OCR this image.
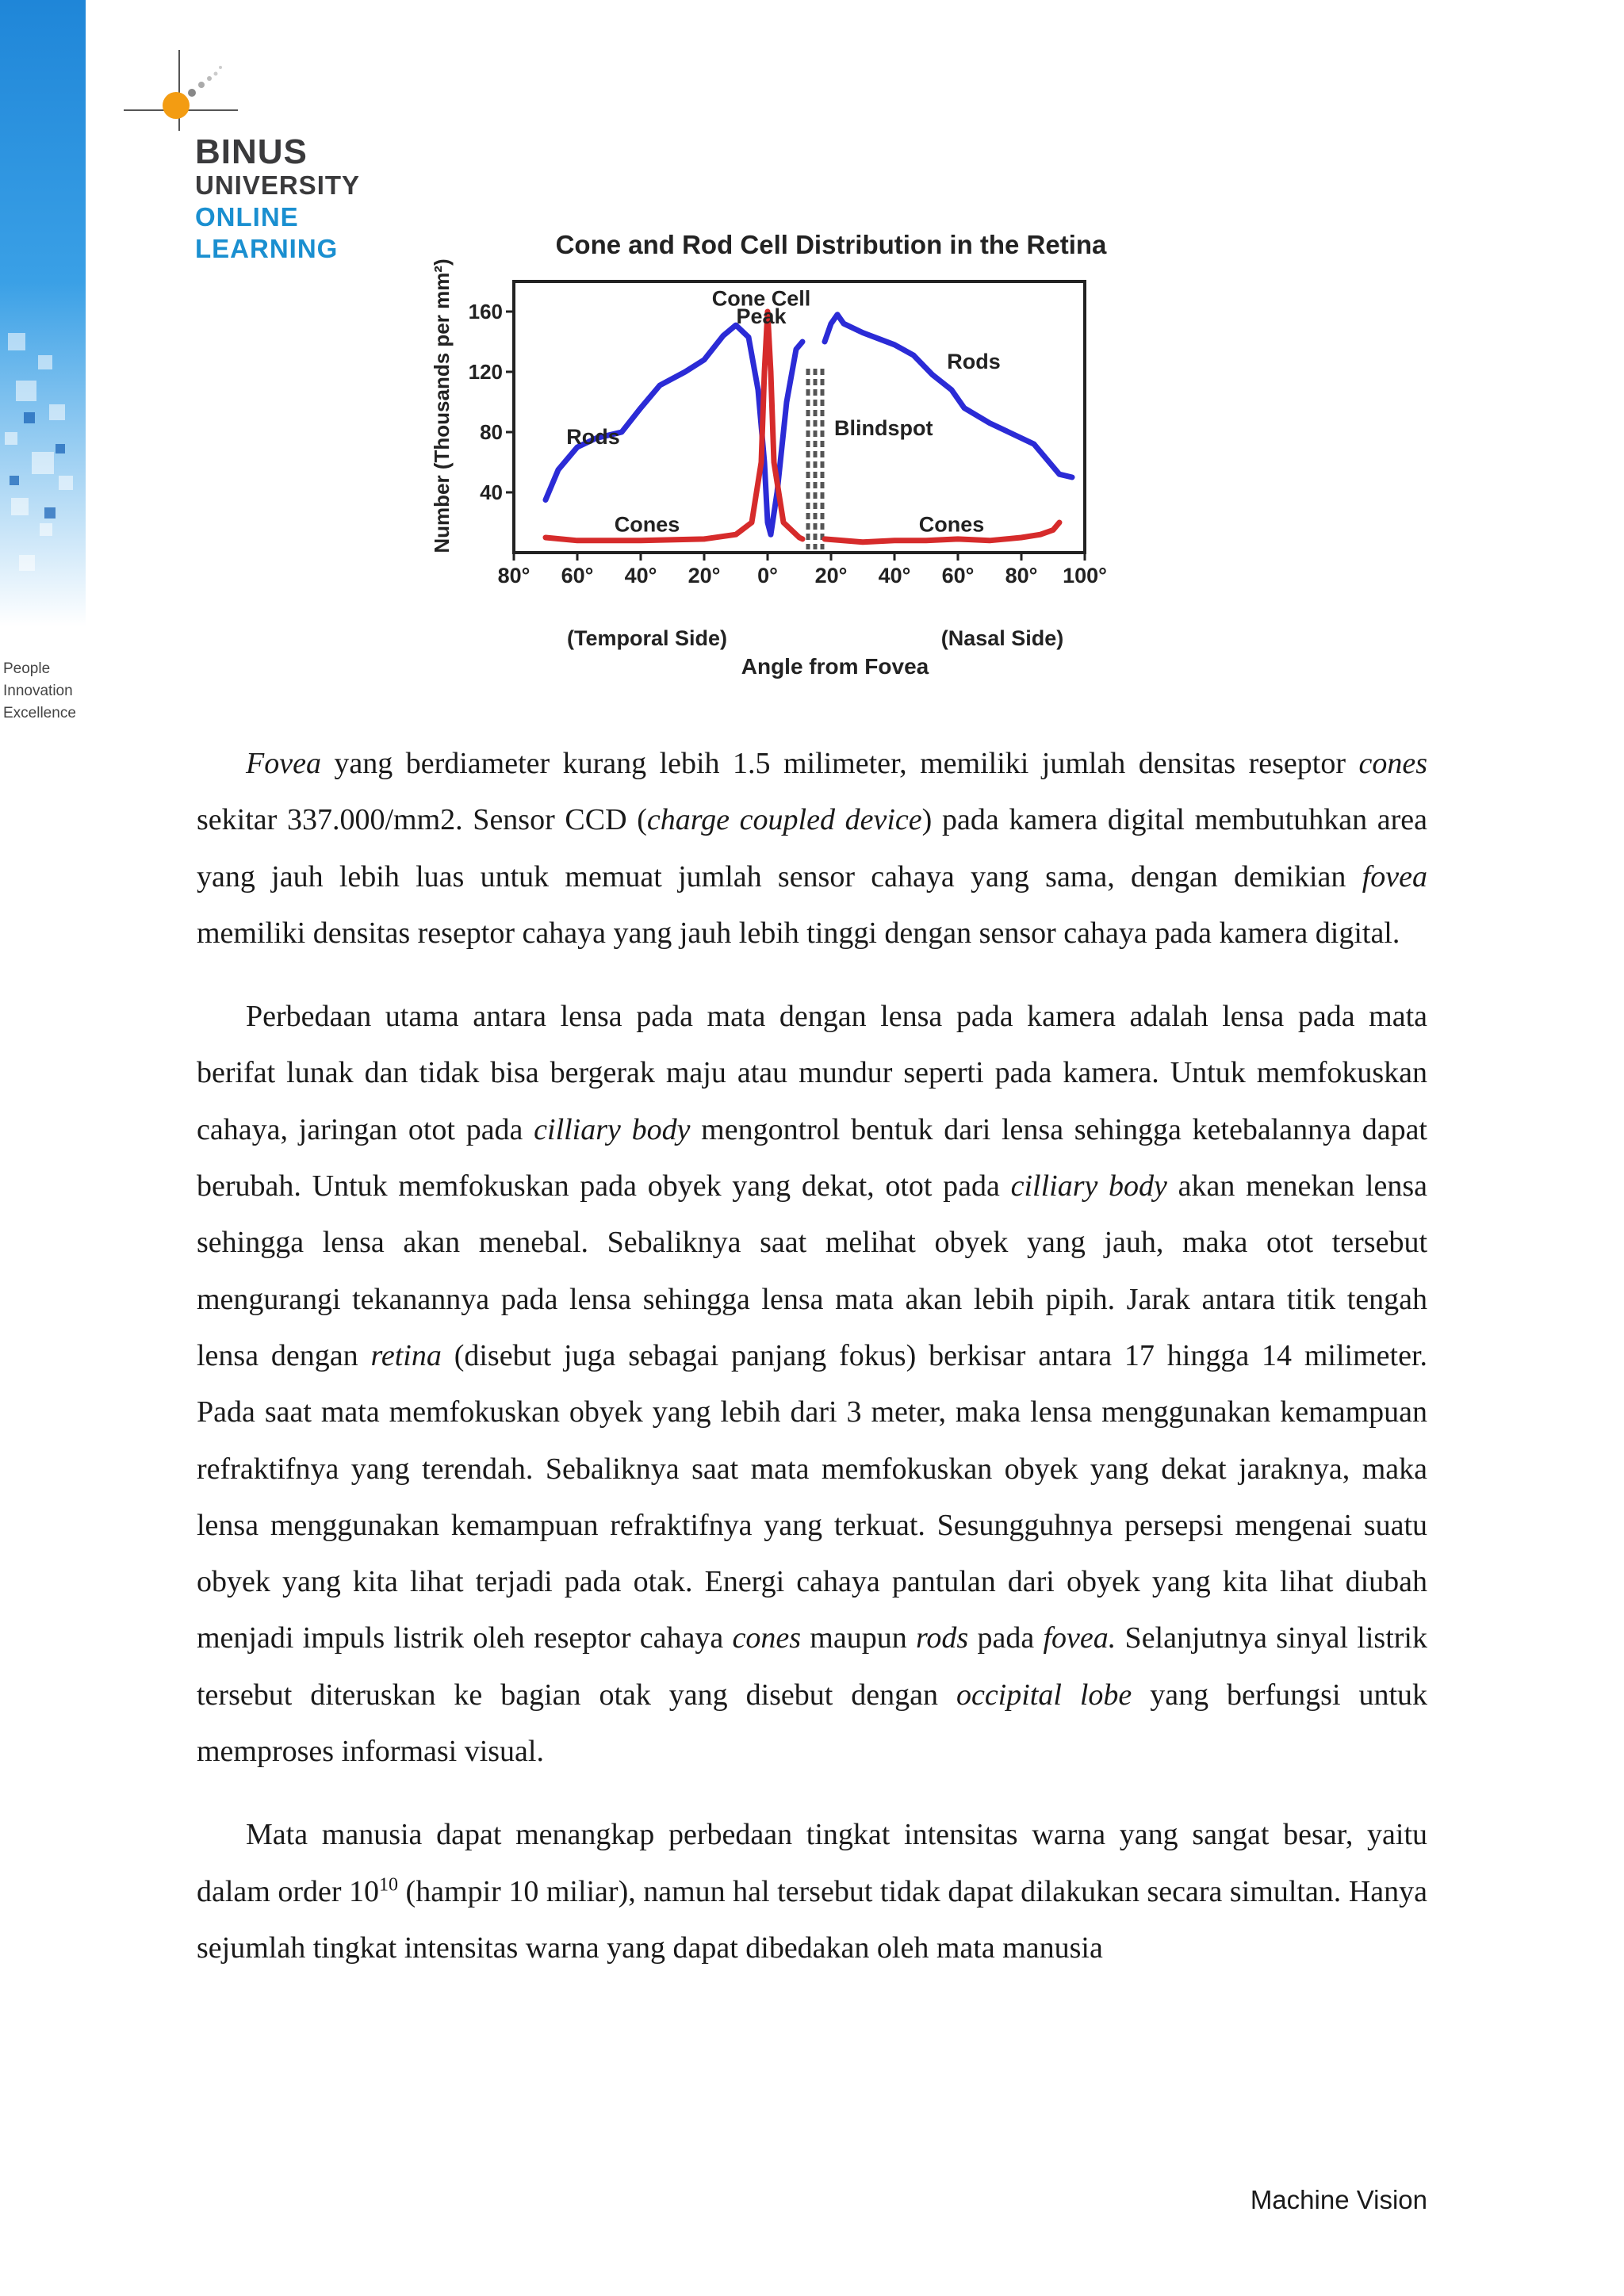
BINUS
UNIVERSITY
ONLINE
LEARNING
People
Innovation
Excellence
Cone and Rod Cell Distribution in the Retina
Number (Thousands per mm²) 40
80
120
160
80° 60° 40° 20° 0° 20° 40° 60° 80° 100°
Rods
Rods
Cones	Cones
Cone Cell
Peak
Blindspot
(Temporal Side)	(Nasal Side)
Angle from Fovea

Fovea yang berdiameter kurang lebih 1.5 milimeter, memiliki jumlah densitas reseptor cones sekitar 337.000/mm2. Sensor CCD (charge coupled device) pada kamera digital membutuhkan area yang jauh lebih luas untuk memuat jumlah sensor cahaya yang sama, dengan demikian fovea memiliki densitas reseptor cahaya yang jauh lebih tinggi dengan sensor cahaya pada kamera digital.

Perbedaan utama antara lensa pada mata dengan lensa pada kamera adalah lensa pada mata berifat lunak dan tidak bisa bergerak maju atau mundur seperti pada kamera. Untuk memfokuskan cahaya, jaringan otot pada cilliary body mengontrol bentuk dari lensa sehingga ketebalannya dapat berubah. Untuk memfokuskan pada obyek yang dekat, otot pada cilliary body akan menekan lensa sehingga lensa akan menebal. Sebaliknya saat melihat obyek yang jauh, maka otot tersebut mengurangi tekanannya pada lensa sehingga lensa mata akan lebih pipih. Jarak antara titik tengah lensa dengan retina (disebut juga sebagai panjang fokus) berkisar antara 17 hingga 14 milimeter. Pada saat mata memfokuskan obyek yang lebih dari 3 meter, maka lensa menggunakan kemampuan refraktifnya yang terendah. Sebaliknya saat mata memfokuskan obyek yang dekat jaraknya, maka lensa menggunakan kemampuan refraktifnya yang terkuat. Sesungguhnya persepsi mengenai suatu obyek yang kita lihat terjadi pada otak. Energi cahaya pantulan dari obyek yang kita lihat diubah menjadi impuls listrik oleh reseptor cahaya cones maupun rods pada fovea. Selanjutnya sinyal listrik tersebut diteruskan ke bagian otak yang disebut dengan occipital lobe yang berfungsi untuk memproses informasi visual.

Mata manusia dapat menangkap perbedaan tingkat intensitas warna yang sangat besar, yaitu dalam order $10^{10}$ (hampir 10 miliar), namun hal tersebut tidak dapat dilakukan secara simultan. Hanya sejumlah tingkat intensitas warna yang dapat dibedakan oleh mata manusia

Machine Vision
